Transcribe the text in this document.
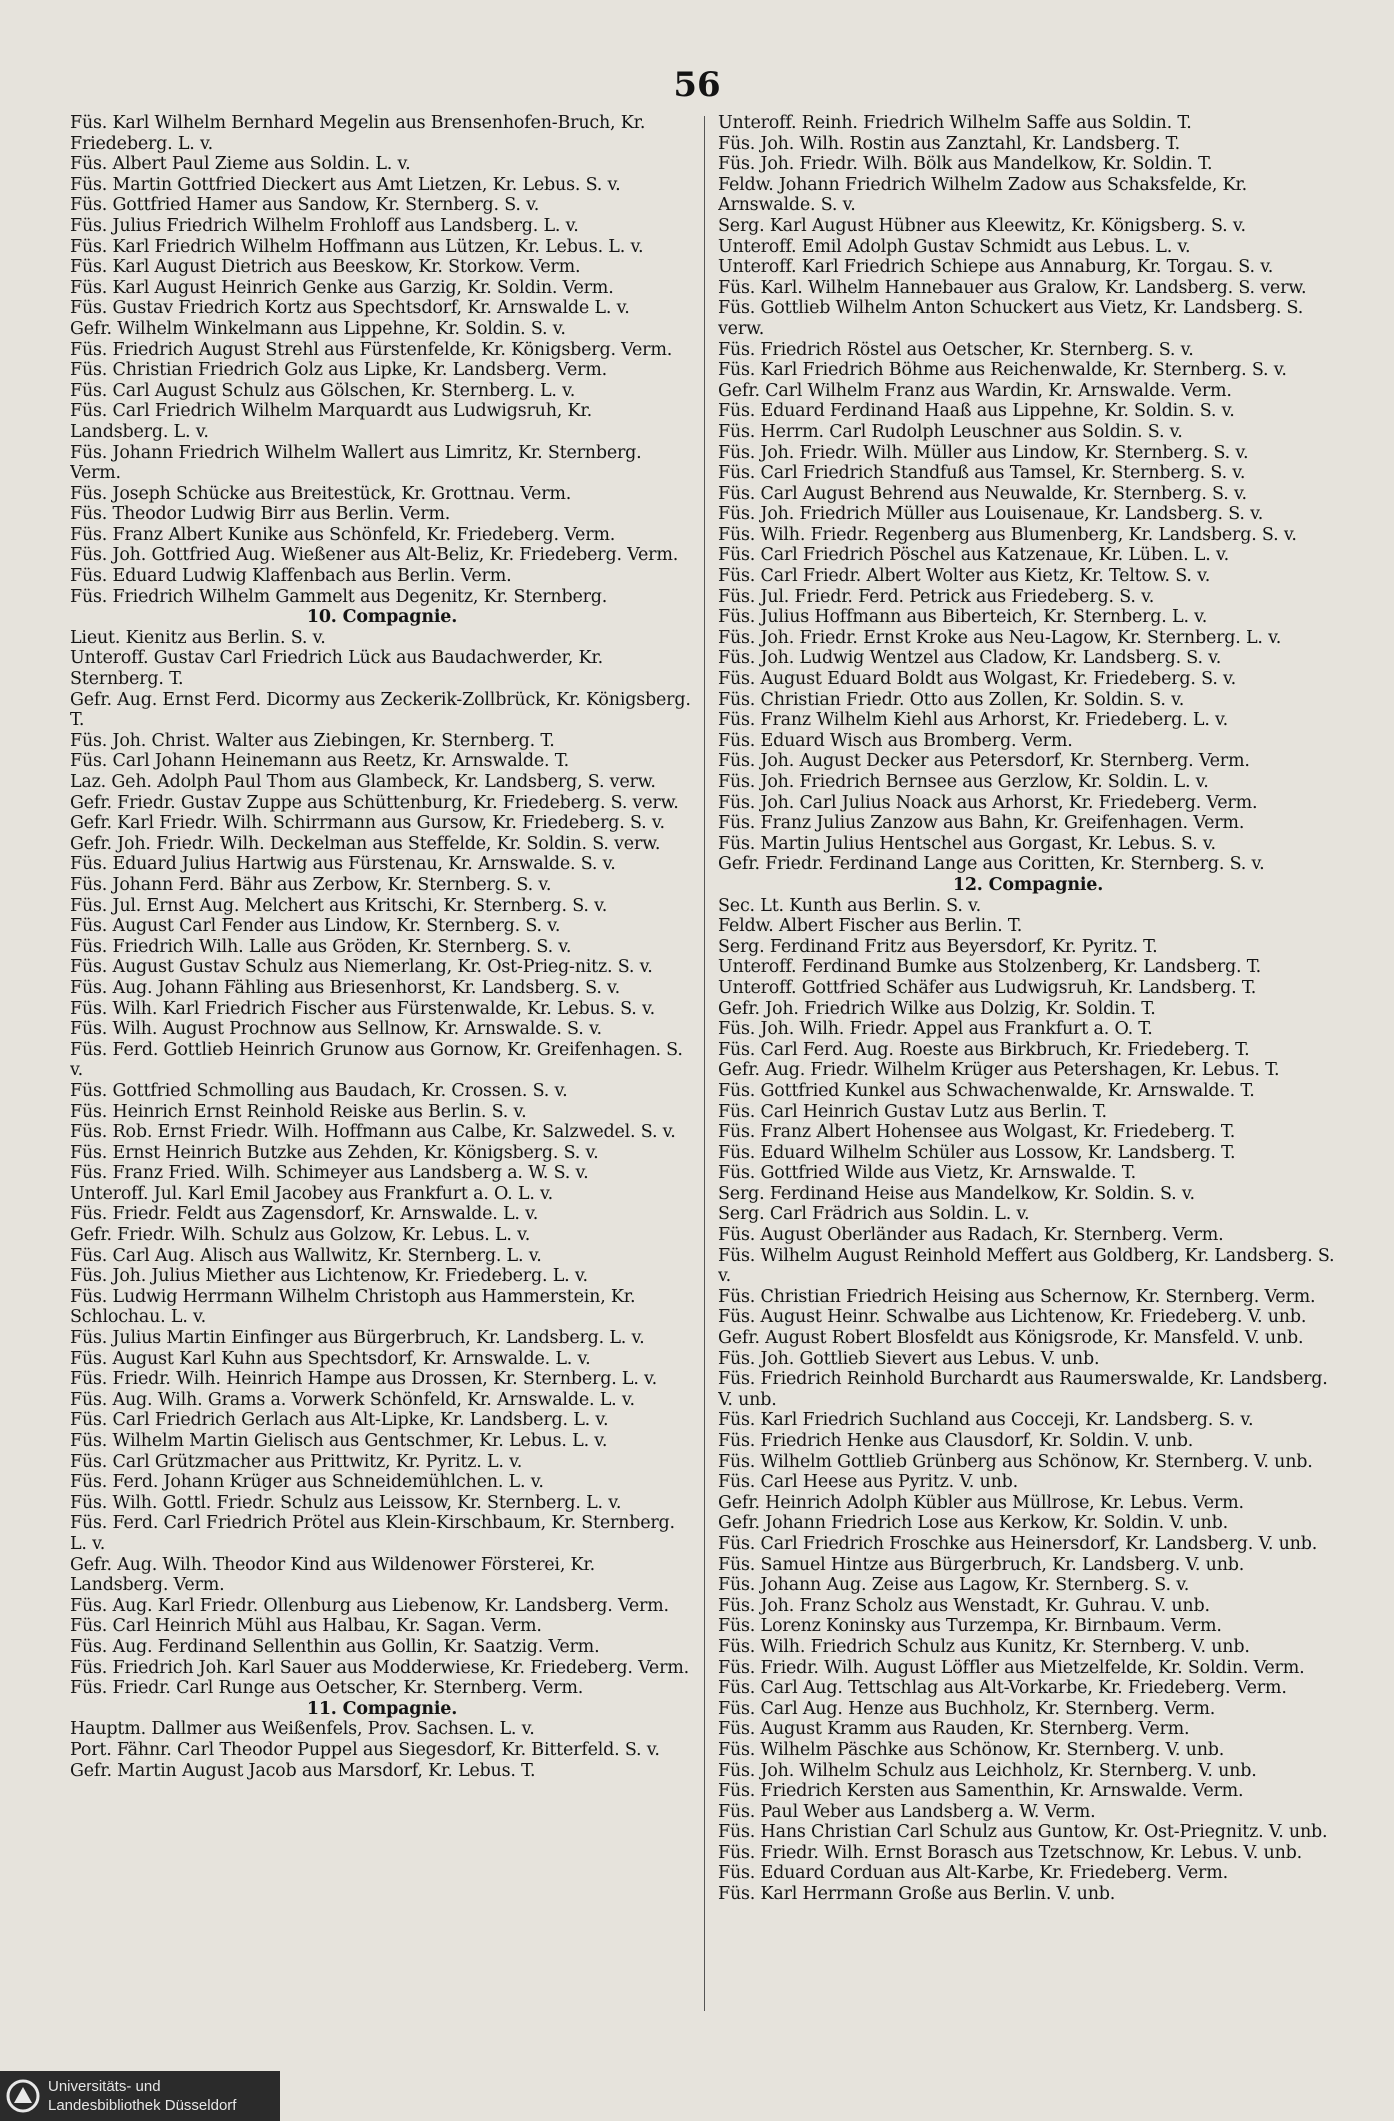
56

Füs. Karl Wilhelm Bernhard Megelin aus Brensenhofen-Bruch, Kr. Friedeberg. L. v.

Füs. Albert Paul Zieme aus Soldin. L. v.

Füs. Martin Gottfried Dieckert aus Amt Lietzen, Kr. Lebus. S. v.

Füs. Gottfried Hamer aus Sandow, Kr. Sternberg. S. v.

Füs. Julius Friedrich Wilhelm Frohloff aus Landsberg. L. v.

Füs. Karl Friedrich Wilhelm Hoffmann aus Lützen, Kr. Lebus. L. v.

Füs. Karl August Dietrich aus Beeskow, Kr. Storkow. Verm.

Füs. Karl August Heinrich Genke aus Garzig, Kr. Soldin. Verm.

Füs. Gustav Friedrich Kortz aus Spechtsdorf, Kr. Arnswalde L. v.

Gefr. Wilhelm Winkelmann aus Lippehne, Kr. Soldin. S. v.

Füs. Friedrich August Strehl aus Fürstenfelde, Kr. Königsberg. Verm.

Füs. Christian Friedrich Golz aus Lipke, Kr. Landsberg. Verm.

Füs. Carl August Schulz aus Gölschen, Kr. Sternberg. L. v.

Füs. Carl Friedrich Wilhelm Marquardt aus Ludwigsruh, Kr. Landsberg. L. v.

Füs. Johann Friedrich Wilhelm Wallert aus Limritz, Kr. Sternberg. Verm.

Füs. Joseph Schücke aus Breitestück, Kr. Grottnau. Verm.

Füs. Theodor Ludwig Birr aus Berlin. Verm.

Füs. Franz Albert Kunike aus Schönfeld, Kr. Friedeberg. Verm.

Füs. Joh. Gottfried Aug. Wießener aus Alt-Beliz, Kr. Friedeberg. Verm.

Füs. Eduard Ludwig Klaffenbach aus Berlin. Verm.

Füs. Friedrich Wilhelm Gammelt aus Degenitz, Kr. Sternberg.

10. Compagnie.

Lieut. Kienitz aus Berlin. S. v.

Unteroff. Gustav Carl Friedrich Lück aus Baudachwerder, Kr. Sternberg. T.

Gefr. Aug. Ernst Ferd. Dicormy aus Zeckerik-Zollbrück, Kr. Königsberg. T.

Füs. Joh. Christ. Walter aus Ziebingen, Kr. Sternberg. T.

Füs. Carl Johann Heinemann aus Reetz, Kr. Arnswalde. T.

Laz. Geh. Adolph Paul Thom aus Glambeck, Kr. Landsberg, S. verw.

Gefr. Friedr. Gustav Zuppe aus Schüttenburg, Kr. Friedeberg. S. verw.

Gefr. Karl Friedr. Wilh. Schirrmann aus Gursow, Kr. Friedeberg. S. v.

Gefr. Joh. Friedr. Wilh. Deckelman aus Steffelde, Kr. Soldin. S. verw.

Füs. Eduard Julius Hartwig aus Fürstenau, Kr. Arnswalde. S. v.

Füs. Johann Ferd. Bähr aus Zerbow, Kr. Sternberg. S. v.

Füs. Jul. Ernst Aug. Melchert aus Kritschi, Kr. Sternberg. S. v.

Füs. August Carl Fender aus Lindow, Kr. Sternberg. S. v.

Füs. Friedrich Wilh. Lalle aus Gröden, Kr. Sternberg. S. v.

Füs. August Gustav Schulz aus Niemerlang, Kr. Ost-Prieg-nitz. S. v.

Füs. Aug. Johann Fähling aus Briesenhorst, Kr. Landsberg. S. v.

Füs. Wilh. Karl Friedrich Fischer aus Fürstenwalde, Kr. Lebus. S. v.

Füs. Wilh. August Prochnow aus Sellnow, Kr. Arnswalde. S. v.

Füs. Ferd. Gottlieb Heinrich Grunow aus Gornow, Kr. Greifenhagen. S. v.

Füs. Gottfried Schmolling aus Baudach, Kr. Crossen. S. v.

Füs. Heinrich Ernst Reinhold Reiske aus Berlin. S. v.

Füs. Rob. Ernst Friedr. Wilh. Hoffmann aus Calbe, Kr. Salzwedel. S. v.

Füs. Ernst Heinrich Butzke aus Zehden, Kr. Königsberg. S. v.

Füs. Franz Fried. Wilh. Schimeyer aus Landsberg a. W. S. v.

Unteroff. Jul. Karl Emil Jacobey aus Frankfurt a. O. L. v.

Füs. Friedr. Feldt aus Zagensdorf, Kr. Arnswalde. L. v.

Gefr. Friedr. Wilh. Schulz aus Golzow, Kr. Lebus. L. v.

Füs. Carl Aug. Alisch aus Wallwitz, Kr. Sternberg. L. v.

Füs. Joh. Julius Miether aus Lichtenow, Kr. Friedeberg. L. v.

Füs. Ludwig Herrmann Wilhelm Christoph aus Hammerstein, Kr. Schlochau. L. v.

Füs. Julius Martin Einfinger aus Bürgerbruch, Kr. Landsberg. L. v.

Füs. August Karl Kuhn aus Spechtsdorf, Kr. Arnswalde. L. v.

Füs. Friedr. Wilh. Heinrich Hampe aus Drossen, Kr. Sternberg. L. v.

Füs. Aug. Wilh. Grams a. Vorwerk Schönfeld, Kr. Arnswalde. L. v.

Füs. Carl Friedrich Gerlach aus Alt-Lipke, Kr. Landsberg. L. v.

Füs. Wilhelm Martin Gielisch aus Gentschmer, Kr. Lebus. L. v.

Füs. Carl Grützmacher aus Prittwitz, Kr. Pyritz. L. v.

Füs. Ferd. Johann Krüger aus Schneidemühlchen. L. v.

Füs. Wilh. Gottl. Friedr. Schulz aus Leissow, Kr. Sternberg. L. v.

Füs. Ferd. Carl Friedrich Prötel aus Klein-Kirschbaum, Kr. Sternberg. L. v.

Gefr. Aug. Wilh. Theodor Kind aus Wildenower Försterei, Kr. Landsberg. Verm.

Füs. Aug. Karl Friedr. Ollenburg aus Liebenow, Kr. Landsberg. Verm.

Füs. Carl Heinrich Mühl aus Halbau, Kr. Sagan. Verm.

Füs. Aug. Ferdinand Sellenthin aus Gollin, Kr. Saatzig. Verm.

Füs. Friedrich Joh. Karl Sauer aus Modderwiese, Kr. Friedeberg. Verm.

Füs. Friedr. Carl Runge aus Oetscher, Kr. Sternberg. Verm.

11. Compagnie.

Hauptm. Dallmer aus Weißenfels, Prov. Sachsen. L. v.

Port. Fähnr. Carl Theodor Puppel aus Siegesdorf, Kr. Bitterfeld. S. v.

Gefr. Martin August Jacob aus Marsdorf, Kr. Lebus. T.

Unteroff. Reinh. Friedrich Wilhelm Saffe aus Soldin. T.

Füs. Joh. Wilh. Rostin aus Zanztahl, Kr. Landsberg. T.

Füs. Joh. Friedr. Wilh. Bölk aus Mandelkow, Kr. Soldin. T.

Feldw. Johann Friedrich Wilhelm Zadow aus Schaksfelde, Kr. Arnswalde. S. v.

Serg. Karl August Hübner aus Kleewitz, Kr. Königsberg. S. v.

Unteroff. Emil Adolph Gustav Schmidt aus Lebus. L. v.

Unteroff. Karl Friedrich Schiepe aus Annaburg, Kr. Torgau. S. v.

Füs. Karl. Wilhelm Hannebauer aus Gralow, Kr. Landsberg. S. verw.

Füs. Gottlieb Wilhelm Anton Schuckert aus Vietz, Kr. Landsberg. S. verw.

Füs. Friedrich Röstel aus Oetscher, Kr. Sternberg. S. v.

Füs. Karl Friedrich Böhme aus Reichenwalde, Kr. Sternberg. S. v.

Gefr. Carl Wilhelm Franz aus Wardin, Kr. Arnswalde. Verm.

Füs. Eduard Ferdinand Haaß aus Lippehne, Kr. Soldin. S. v.

Füs. Herrm. Carl Rudolph Leuschner aus Soldin. S. v.

Füs. Joh. Friedr. Wilh. Müller aus Lindow, Kr. Sternberg. S. v.

Füs. Carl Friedrich Standfuß aus Tamsel, Kr. Sternberg. S. v.

Füs. Carl August Behrend aus Neuwalde, Kr. Sternberg. S. v.

Füs. Joh. Friedrich Müller aus Louisenaue, Kr. Landsberg. S. v.

Füs. Wilh. Friedr. Regenberg aus Blumenberg, Kr. Landsberg. S. v.

Füs. Carl Friedrich Pöschel aus Katzenaue, Kr. Lüben. L. v.

Füs. Carl Friedr. Albert Wolter aus Kietz, Kr. Teltow. S. v.

Füs. Jul. Friedr. Ferd. Petrick aus Friedeberg. S. v.

Füs. Julius Hoffmann aus Biberteich, Kr. Sternberg. L. v.

Füs. Joh. Friedr. Ernst Kroke aus Neu-Lagow, Kr. Sternberg. L. v.

Füs. Joh. Ludwig Wentzel aus Cladow, Kr. Landsberg. S. v.

Füs. August Eduard Boldt aus Wolgast, Kr. Friedeberg. S. v.

Füs. Christian Friedr. Otto aus Zollen, Kr. Soldin. S. v.

Füs. Franz Wilhelm Kiehl aus Arhorst, Kr. Friedeberg. L. v.

Füs. Eduard Wisch aus Bromberg. Verm.

Füs. Joh. August Decker aus Petersdorf, Kr. Sternberg. Verm.

Füs. Joh. Friedrich Bernsee aus Gerzlow, Kr. Soldin. L. v.

Füs. Joh. Carl Julius Noack aus Arhorst, Kr. Friedeberg. Verm.

Füs. Franz Julius Zanzow aus Bahn, Kr. Greifenhagen. Verm.

Füs. Martin Julius Hentschel aus Gorgast, Kr. Lebus. S. v.

Gefr. Friedr. Ferdinand Lange aus Coritten, Kr. Sternberg. S. v.

12. Compagnie.

Sec. Lt. Kunth aus Berlin. S. v.

Feldw. Albert Fischer aus Berlin. T.

Serg. Ferdinand Fritz aus Beyersdorf, Kr. Pyritz. T.

Unteroff. Ferdinand Bumke aus Stolzenberg, Kr. Landsberg. T.

Unteroff. Gottfried Schäfer aus Ludwigsruh, Kr. Landsberg. T.

Gefr. Joh. Friedrich Wilke aus Dolzig, Kr. Soldin. T.

Füs. Joh. Wilh. Friedr. Appel aus Frankfurt a. O. T.

Füs. Carl Ferd. Aug. Roeste aus Birkbruch, Kr. Friedeberg. T.

Gefr. Aug. Friedr. Wilhelm Krüger aus Petershagen, Kr. Lebus. T.

Füs. Gottfried Kunkel aus Schwachenwalde, Kr. Arnswalde. T.

Füs. Carl Heinrich Gustav Lutz aus Berlin. T.

Füs. Franz Albert Hohensee aus Wolgast, Kr. Friedeberg. T.

Füs. Eduard Wilhelm Schüler aus Lossow, Kr. Landsberg. T.

Füs. Gottfried Wilde aus Vietz, Kr. Arnswalde. T.

Serg. Ferdinand Heise aus Mandelkow, Kr. Soldin. S. v.

Serg. Carl Frädrich aus Soldin. L. v.

Füs. August Oberländer aus Radach, Kr. Sternberg. Verm.

Füs. Wilhelm August Reinhold Meffert aus Goldberg, Kr. Landsberg. S. v.

Füs. Christian Friedrich Heising aus Schernow, Kr. Sternberg. Verm.

Füs. August Heinr. Schwalbe aus Lichtenow, Kr. Friedeberg. V. unb.

Gefr. August Robert Blosfeldt aus Königsrode, Kr. Mansfeld. V. unb.

Füs. Joh. Gottlieb Sievert aus Lebus. V. unb.

Füs. Friedrich Reinhold Burchardt aus Raumerswalde, Kr. Landsberg. V. unb.

Füs. Karl Friedrich Suchland aus Cocceji, Kr. Landsberg. S. v.

Füs. Friedrich Henke aus Clausdorf, Kr. Soldin. V. unb.

Füs. Wilhelm Gottlieb Grünberg aus Schönow, Kr. Sternberg. V. unb.

Füs. Carl Heese aus Pyritz. V. unb.

Gefr. Heinrich Adolph Kübler aus Müllrose, Kr. Lebus. Verm.

Gefr. Johann Friedrich Lose aus Kerkow, Kr. Soldin. V. unb.

Füs. Carl Friedrich Froschke aus Heinersdorf, Kr. Landsberg. V. unb.

Füs. Samuel Hintze aus Bürgerbruch, Kr. Landsberg. V. unb.

Füs. Johann Aug. Zeise aus Lagow, Kr. Sternberg. S. v.

Füs. Joh. Franz Scholz aus Wenstadt, Kr. Guhrau. V. unb.

Füs. Lorenz Koninsky aus Turzempa, Kr. Birnbaum. Verm.

Füs. Wilh. Friedrich Schulz aus Kunitz, Kr. Sternberg. V. unb.

Füs. Friedr. Wilh. August Löffler aus Mietzelfelde, Kr. Soldin. Verm.

Füs. Carl Aug. Tettschlag aus Alt-Vorkarbe, Kr. Friedeberg. Verm.

Füs. Carl Aug. Henze aus Buchholz, Kr. Sternberg. Verm.

Füs. August Kramm aus Rauden, Kr. Sternberg. Verm.

Füs. Wilhelm Päschke aus Schönow, Kr. Sternberg. V. unb.

Füs. Joh. Wilhelm Schulz aus Leichholz, Kr. Sternberg. V. unb.

Füs. Friedrich Kersten aus Samenthin, Kr. Arnswalde. Verm.

Füs. Paul Weber aus Landsberg a. W. Verm.

Füs. Hans Christian Carl Schulz aus Guntow, Kr. Ost-Priegnitz. V. unb.

Füs. Friedr. Wilh. Ernst Borasch aus Tzetschnow, Kr. Lebus. V. unb.

Füs. Eduard Corduan aus Alt-Karbe, Kr. Friedeberg. Verm.

Füs. Karl Herrmann Große aus Berlin. V. unb.

Universitäts- und
Landesbibliothek Düsseldorf
